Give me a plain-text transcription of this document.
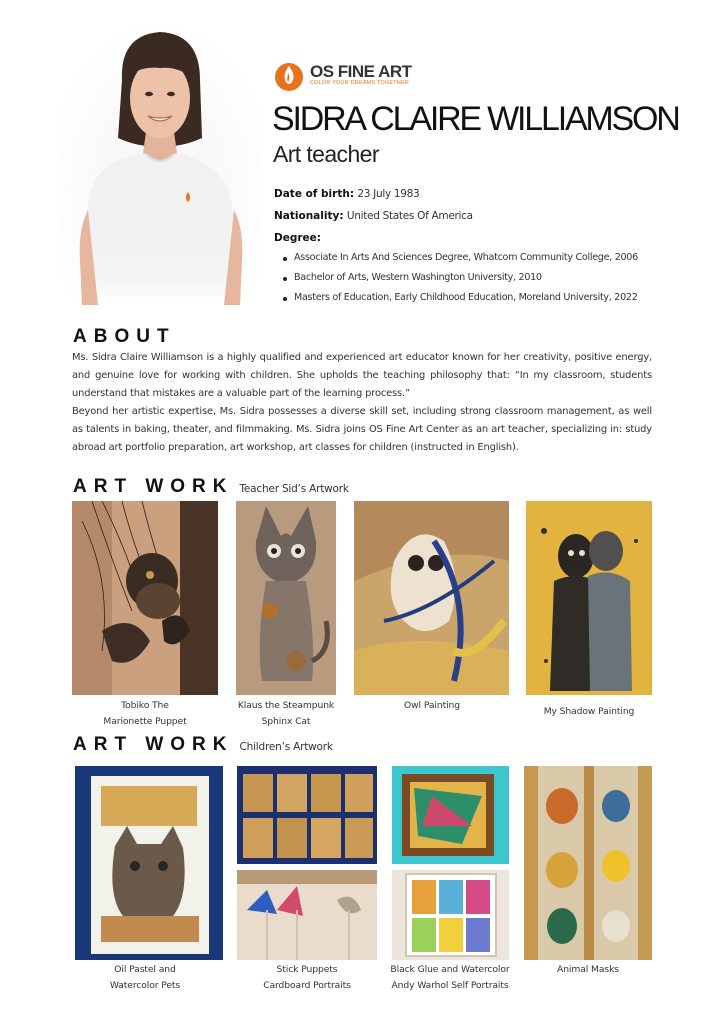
OS FINE ART
COLOR YOUR DREAMS TOGETHER
SIDRA CLAIRE WILLIAMSON
Art teacher
Date of birth: 23 July 1983
Nationality: United States Of America
Degree:
Associate In Arts And Sciences Degree, Whatcom Community College, 2006
Bachelor of Arts, Western Washington University, 2010
Masters of Education, Early Childhood Education, Moreland University, 2022
ABOUT

Ms. Sidra Claire Williamson is a highly qualified and experienced art educator known for her creativity, positive energy, and genuine love for working with children. She upholds the teaching philosophy that: “In my classroom, students understand that mistakes are a valuable part of the learning process.”

Beyond her artistic expertise, Ms. Sidra possesses a diverse skill set, including strong classroom management, as well as talents in baking, theater, and filmmaking. Ms. Sidra joins OS Fine Art Center as an art teacher, specializing in: study abroad art portfolio preparation, art workshop, art classes for children (instructed in English).

ART WORK Teacher Sid’s Artwork
Tobiko The
Marionette Puppet
Klaus the Steampunk
Sphinx Cat
Owl Painting
My Shadow Painting
ART WORK Children’s Artwork
Oil Pastel and
Watercolor Pets
Stick Puppets
Cardboard Portraits
Black Glue and Watercolor
Andy Warhol Self Portraits
Animal Masks
